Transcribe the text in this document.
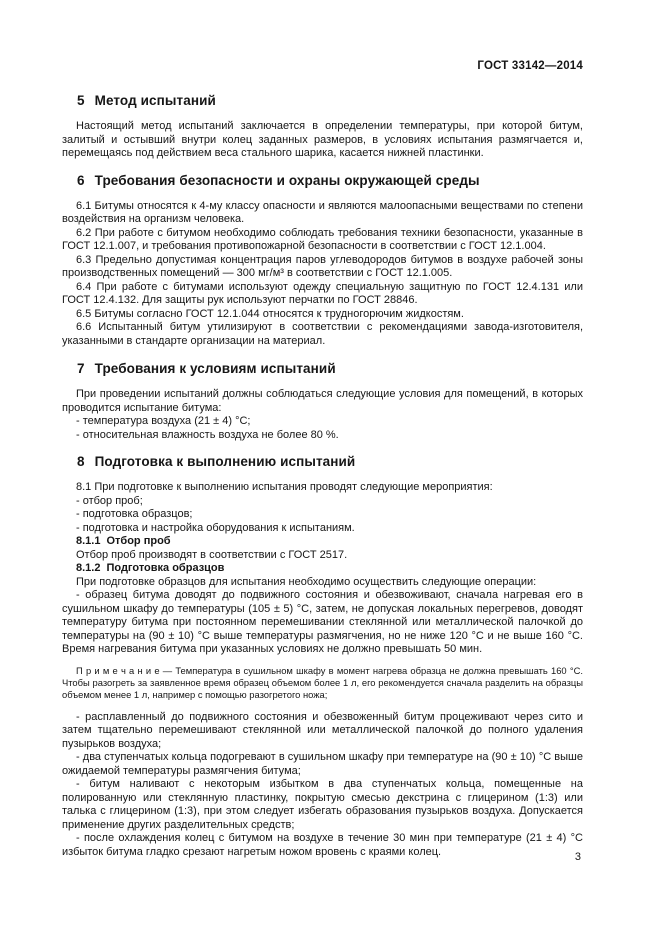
ГОСТ 33142—2014
5 Метод испытаний

Настоящий метод испытаний заключается в определении температуры, при которой битум, залитый и остывший внутри колец заданных размеров, в условиях испытания размягчается и, перемещаясь под действием веса стального шарика, касается нижней пластинки.

6 Требования безопасности и охраны окружающей среды

6.1 Битумы относятся к 4-му классу опасности и являются малоопасными веществами по степени воздействия на организм человека.

6.2 При работе с битумом необходимо соблюдать требования техники безопасности, указанные в ГОСТ 12.1.007, и требования противопожарной безопасности в соответствии с ГОСТ 12.1.004.

6.3 Предельно допустимая концентрация паров углеводородов битумов в воздухе рабочей зоны производственных помещений — 300 мг/м³ в соответствии с ГОСТ 12.1.005.

6.4 При работе с битумами используют одежду специальную защитную по ГОСТ 12.4.131 или ГОСТ 12.4.132. Для защиты рук используют перчатки по ГОСТ 28846.

6.5 Битумы согласно ГОСТ 12.1.044 относятся к трудногорючим жидкостям.

6.6 Испытанный битум утилизируют в соответствии с рекомендациями завода-изготовителя, указанными в стандарте организации на материал.

7 Требования к условиям испытаний

При проведении испытаний должны соблюдаться следующие условия для помещений, в которых проводится испытание битума:

- температура воздуха (21 ± 4) °С;

- относительная влажность воздуха не более 80 %.

8 Подготовка к выполнению испытаний

8.1 При подготовке к выполнению испытания проводят следующие мероприятия:

- отбор проб;

- подготовка образцов;

- подготовка и настройка оборудования к испытаниям.

8.1.1 Отбор проб

Отбор проб производят в соответствии с ГОСТ 2517.

8.1.2 Подготовка образцов

При подготовке образцов для испытания необходимо осуществить следующие операции:

- образец битума доводят до подвижного состояния и обезвоживают, сначала нагревая его в сушильном шкафу до температуры (105 ± 5) °С, затем, не допуская локальных перегревов, доводят температуру битума при постоянном перемешивании стеклянной или металлической палочкой до температуры на (90 ± 10) °С выше температуры размягчения, но не ниже 120 °С и не выше 160 °С. Время нагревания битума при указанных условиях не должно превышать 50 мин.

П р и м е ч а н и е — Температура в сушильном шкафу в момент нагрева образца не должна превышать 160 °С. Чтобы разогреть за заявленное время образец объемом более 1 л, его рекомендуется сначала разделить на образцы объемом менее 1 л, например с помощью разогретого ножа;

- расплавленный до подвижного состояния и обезвоженный битум процеживают через сито и затем тщательно перемешивают стеклянной или металлической палочкой до полного удаления пузырьков воздуха;

- два ступенчатых кольца подогревают в сушильном шкафу при температуре на (90 ± 10) °С выше ожидаемой температуры размягчения битума;

- битум наливают с некоторым избытком в два ступенчатых кольца, помещенные на полированную или стеклянную пластинку, покрытую смесью декстрина с глицерином (1:3) или талька с глицерином (1:3), при этом следует избегать образования пузырьков воздуха. Допускается применение других разделительных средств;

- после охлаждения колец с битумом на воздухе в течение 30 мин при температуре (21 ± 4) °С избыток битума гладко срезают нагретым ножом вровень с краями колец.	3
